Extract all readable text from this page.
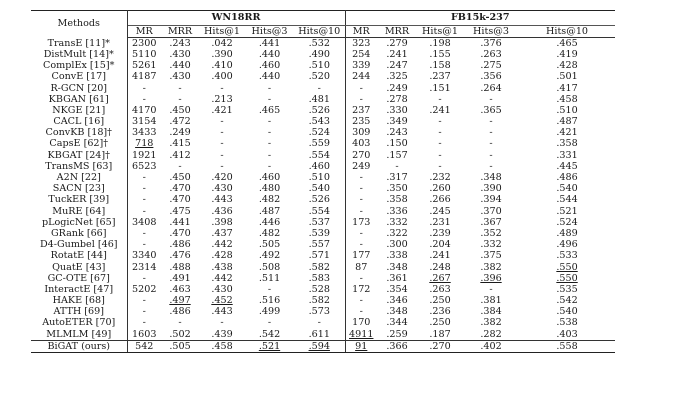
Methods	WN18RR					FB15k-237				
	MR	MRR	Hits@1	Hits@3	Hits@10	MR	MRR	Hits@1	Hits@3	Hits@10
TransE [11]*	2300	.243	.042	.441	.532	323	.279	.198	.376	.465
DistMult [14]*	5110	.430	.390	.440	.490	254	.241	.155	.263	.419
ComplEx [15]*	5261	.440	.410	.460	.510	339	.247	.158	.275	.428
ConvE [17]	4187	.430	.400	.440	.520	244	.325	.237	.356	.501
R-GCN [20]	-	-	-	-	-	-	.249	.151	.264	.417
KBGAN [61]	-	-	.213	-	.481	-	.278	-	-	.458
NKGE [21]	4170	.450	.421	.465	.526	237	.330	.241	.365	.510
CACL [16]	3154	.472	-	-	.543	235	.349	-	-	.487
ConvKB [18]†	3433	.249	-	-	.524	309	.243	-	-	.421
CapsE [62]†	718	.415	-	-	.559	403	.150	-	-	.358
KBGAT [24]†	1921	.412	-	-	.554	270	.157	-	-	.331
TransMS [63]	6523	-	-	-	.460	249	-	-	-	.445
A2N [22]	-	.450	.420	.460	.510	-	.317	.232	.348	.486
SACN [23]	-	.470	.430	.480	.540	-	.350	.260	.390	.540
TuckER [39]	-	.470	.443	.482	.526	-	.358	.266	.394	.544
MuRE [64]	-	.475	.436	.487	.554	-	.336	.245	.370	.521
pLogicNet [65]	3408	.441	.398	.446	.537	173	.332	.231	.367	.524
GRank [66]	-	.470	.437	.482	.539	-	.322	.239	.352	.489
D4-Gumbel [46]	-	.486	.442	.505	.557	-	.300	.204	.332	.496
RotatE [44]	3340	.476	.428	.492	.571	177	.338	.241	.375	.533
QuatE [43]	2314	.488	.438	.508	.582	87	.348	.248	.382	.550
GC-OTE [67]	-	.491	.442	.511	.583	-	.361	.267	.396	.550
InteractE [47]	5202	.463	.430	-	.528	172	.354	.263	-	.535
HAKE [68]	-	.497	.452	.516	.582	-	.346	.250	.381	.542
ATTH [69]	-	.486	.443	.499	.573	-	.348	.236	.384	.540
AutoETER [70]	-	-	-	-	-	170	.344	.250	.382	.538
MLMLM [49]	1603	.502	.439	.542	.611	4911	.259	.187	.282	.403
BiGAT (ours)	542	.505	.458	.521	.594	91	.366	.270	.402	.558
